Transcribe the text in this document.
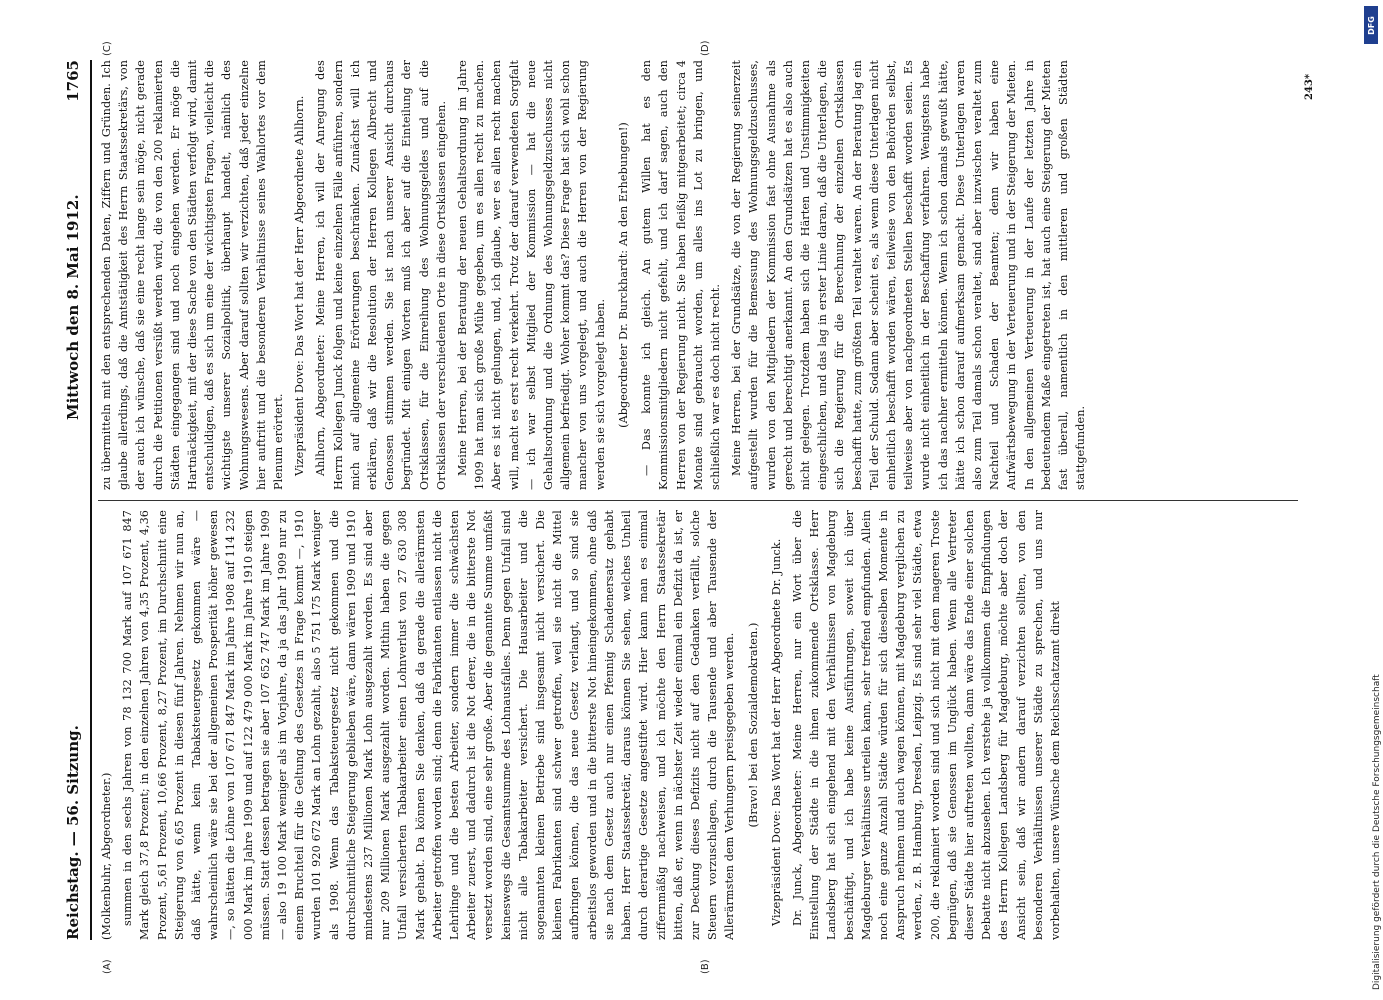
Reichstag. — 56. Sitzung.
Mittwoch den 8. Mai 1912.
1765
(A)	(B)
(C)	(D)

(Molkenbuhr, Abgeordneter.) summen in den sechs Jahren von 78 132 700 Mark auf 107 671 847 Mark gleich 37,8 Prozent; in den einzelnen Jahren von 4,35 Prozent, 4,36 Prozent, 5,61 Prozent, 10,66 Prozent, 8,27 Prozent, im Durchschnitt eine Steigerung von 6,65 Prozent in diesen fünf Jahren. Nehmen wir nun an, daß hätte, wenn kein Tabaksteuergesetz gekommen wäre — wahrscheinlich wäre sie bei der allgemeinen Prosperität höher gewesen —, so hätten die Löhne von 107 671 847 Mark im Jahre 1908 auf 114 232 000 Mark im Jahre 1909 und auf 122 479 000 Mark im Jahre 1910 steigen müssen. Statt dessen betragen sie aber 107 652 747 Mark im Jahre 1909 — also 19 100 Mark weniger als im Vorjahre, da ja das Jahr 1909 nur zu einem Bruchteil für die Geltung des Gesetzes in Frage kommt —, 1910 wurden 101 920 672 Mark an Lohn gezahlt, also 5 751 175 Mark weniger als 1908. Wenn das Tabaksteuergesetz nicht gekommen und die durchschnittliche Steigerung geblieben wäre, dann wären 1909 und 1910 mindestens 237 Millionen Mark Lohn ausgezahlt worden. Es sind aber nur 209 Millionen Mark ausgezahlt worden. Mithin haben die gegen Unfall versicherten Tabakarbeiter einen Lohnverlust von 27 630 308 Mark gehabt. Da können Sie denken, daß da gerade die allerärmsten Arbeiter getroffen worden sind; denn die Fabrikanten entlassen nicht die Lehrlinge und die besten Arbeiter, sondern immer die schwächsten Arbeiter zuerst, und dadurch ist die Not derer, die in die bitterste Not versetzt worden sind, eine sehr große. Aber die genannte Summe umfaßt keineswegs die Gesamtsumme des Lohnausfalles. Denn gegen Unfall sind nicht alle Tabakarbeiter versichert. Die Hausarbeiter und die sogenannten kleinen Betriebe sind insgesamt nicht versichert. Die kleinen Fabrikanten sind schwer getroffen, weil sie nicht die Mittel aufbringen können, die das neue Gesetz verlangt, und so sind sie arbeitslos geworden und in die bitterste Not hineingekommen, ohne daß sie nach dem Gesetz auch nur einen Pfennig Schadenersatz gehabt haben. Herr Staatssekretär, daraus können Sie sehen, welches Unheil durch derartige Gesetze angestiftet wird. Hier kann man es einmal ziffernmäßig nachweisen, und ich möchte den Herrn Staatssekretär bitten, daß er, wenn in nächster Zeit wieder einmal ein Defizit da ist, er zur Deckung dieses Defizits nicht auf den Gedanken verfällt, solche Steuern vorzuschlagen, durch die Tausende und aber Tausende der Allerärmsten dem Verhungern preisgegeben werden. (Bravo! bei den Sozialdemokraten.) Vizepräsident Dove: Das Wort hat der Herr Abgeordnete Dr. Junck. Dr. Junck, Abgeordneter: Meine Herren, nur ein Wort über die Einstellung der Städte in die ihnen zukommende Ortsklasse. Herr Landsberg hat sich eingehend mit den Verhältnissen von Magdeburg beschäftigt, und ich habe keine Ausführungen, soweit ich über Magdeburger Verhältnisse urteilen kann, sehr treffend empfunden. Allein noch eine ganze Anzahl Städte würden für sich dieselben Momente in Anspruch nehmen und auch wagen können, mit Magdeburg verglichen zu werden, z. B. Hamburg, Dresden, Leipzig. Es sind sehr viel Städte, etwa 200, die reklamiert worden sind und sich nicht mit dem mageren Troste begnügen, daß sie Genossen im Unglück haben. Wenn alle Vertreter dieser Städte hier auftreten wollten, dann wäre das Ende einer solchen Debatte nicht abzusehen. Ich verstehe ja vollkommen die Empfindungen des Herrn Kollegen Landsberg für Magdeburg, möchte aber doch der Ansicht sein, daß wir andern darauf verzichten sollten, von den besonderen Verhältnissen unserer Städte zu sprechen, und uns nur vorbehalten, unsere Wünsche dem Reichsschatzamt direkt

zu übermitteln mit den entsprechenden Daten, Ziffern und Gründen. Ich glaube allerdings, daß die Amtstätigkeit des Herrn Staatssekretärs, von der auch ich wünsche, daß sie eine recht lange sein möge, nicht gerade durch die Petitionen versüßt werden wird, die von den 200 reklamierten Städten eingegangen sind und noch eingehen werden. Er möge die Hartnäckigkeit, mit der diese Sache von den Städten verfolgt wird, damit entschuldigen, daß es sich um eine der wichtigsten Fragen, vielleicht die wichtigste unserer Sozialpolitik, überhaupt handelt, nämlich des Wohnungswesens. Aber darauf sollten wir verzichten, daß jeder einzelne hier auftritt und die besonderen Verhältnisse seines Wahlortes vor dem Plenum erörtert. Vizepräsident Dove: Das Wort hat der Herr Abgeordnete Ahlhorn. Ahlhorn, Abgeordneter: Meine Herren, ich will der Anregung des Herrn Kollegen Junck folgen und keine einzelnen Fälle anführen, sondern mich auf allgemeine Erörterungen beschränken. Zunächst will ich erklären, daß wir die Resolution der Herren Kollegen Albrecht und Genossen stimmen werden. Sie ist nach unserer Ansicht durchaus begründet. Mit einigen Worten muß ich aber auf die Einteilung der Ortsklassen, für die Einreihung des Wohnungsgeldes und auf die Ortsklassen der verschiedenen Orte in diese Ortsklassen eingehen. Meine Herren, bei der Beratung der neuen Gehaltsordnung im Jahre 1909 hat man sich große Mühe gegeben, um es allen recht zu machen. Aber es ist nicht gelungen, und, ich glaube, wer es allen recht machen will, macht es erst recht verkehrt. Trotz der darauf verwendeten Sorgfalt — ich war selbst Mitglied der Kommission — hat die neue Gehaltsordnung und die Ordnung des Wohnungsgeldzuschusses nicht allgemein befriedigt. Woher kommt das? Diese Frage hat sich wohl schon mancher von uns vorgelegt, und auch die Herren von der Regierung werden sie sich vorgelegt haben. (Abgeordneter Dr. Burckhardt: An den Erhebungen!) — Das konnte ich gleich. An gutem Willen hat es den Kommissionsmitgliedern nicht gefehlt, und ich darf sagen, auch den Herren von der Regierung nicht. Sie haben fleißig mitgearbeitet; circa 4 Monate sind gebraucht worden, um alles ins Lot zu bringen, und schließlich war es doch nicht recht. Meine Herren, bei der Grundsätze, die von der Regierung seinerzeit aufgestellt wurden für die Bemessung des Wohnungsgeldzuschusses, wurden von den Mitgliedern der Kommission fast ohne Ausnahme als gerecht und berechtigt anerkannt. An den Grundsätzen hat es also auch nicht gelegen. Trotzdem haben sich die Härten und Unstimmigkeiten eingeschlichen, und das lag in erster Linie daran, daß die Unterlagen, die sich die Regierung für die Berechnung der einzelnen Ortsklassen beschafft hatte, zum größten Teil veraltet waren. An der Beratung lag ein Teil der Schuld. Sodann aber scheint es, als wenn diese Unterlagen nicht einheitlich beschafft worden wären, teilweise von den Behörden selbst, teilweise aber von nachgeordneten Stellen beschafft worden seien. Es wurde nicht einheitlich in der Beschaffung verfahren. Wenigstens habe ich das nachher ermitteln können. Wenn ich schon damals gewußt hätte, hätte ich schon darauf aufmerksam gemacht. Diese Unterlagen waren also zum Teil damals schon veraltet, sind aber inzwischen veraltet zum Nachteil und Schaden der Beamten; denn wir haben eine Aufwärtsbewegung in der Verteuerung und in der Steigerung der Mieten. In den allgemeinen Verteuerung in der Laufe der letzten Jahre in bedeutendem Maße eingetreten ist, hat auch eine Steigerung der Mieten fast überall, namentlich in den mittleren und großen Städten stattgefunden.

243*
Digitalisierung gefördert durch die Deutsche Forschungsgemeinschaft
DFG
